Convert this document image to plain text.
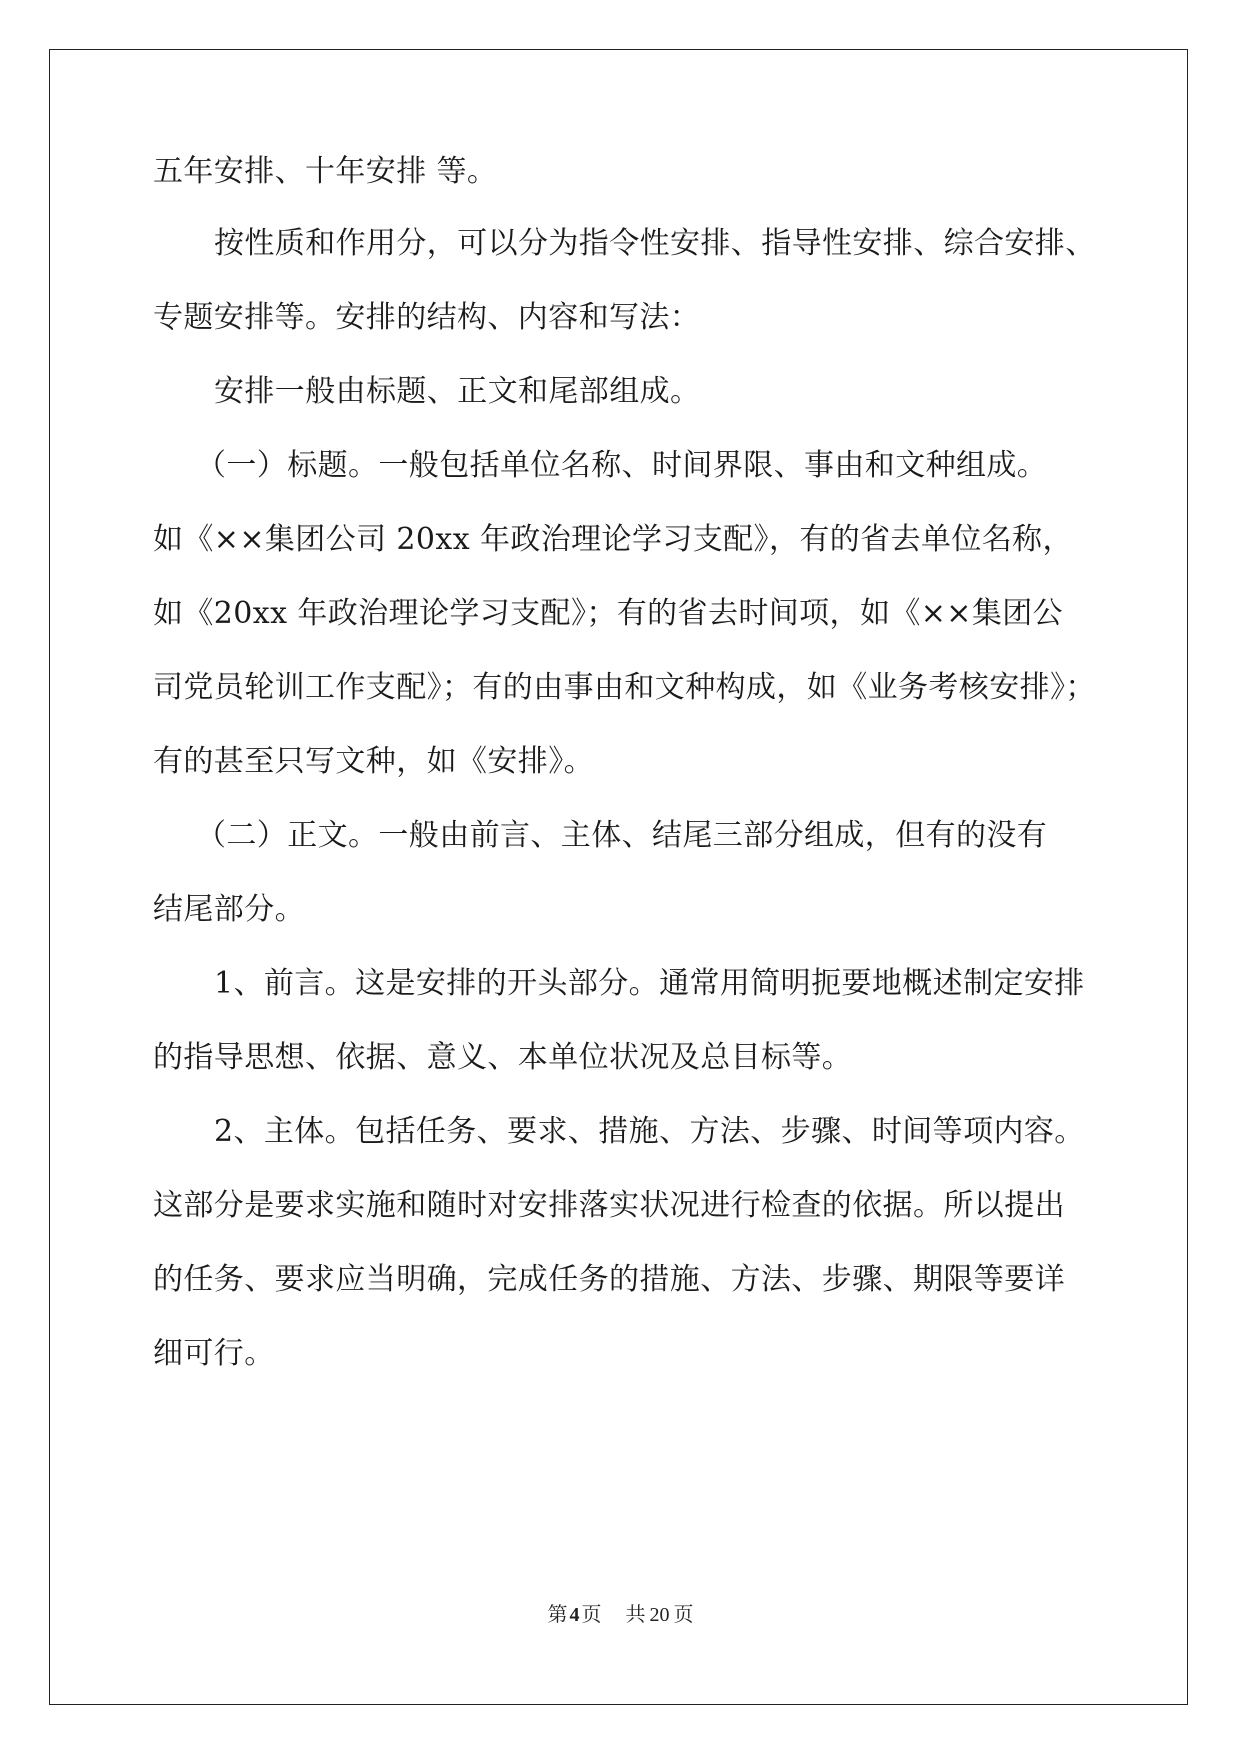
五年安排、十年安排 等。
按性质和作用分，可以分为指令性安排、指导性安排、综合安排、
专题安排等。安排的结构、内容和写法：
安排一般由标题、正文和尾部组成。
（一）标题。一般包括单位名称、时间界限、事由和文种组成。
如《××集团公司 20xx 年政治理论学习支配》，有的省去单位名称，
如《20xx 年政治理论学习支配》；有的省去时间项，如《××集团公
司党员轮训工作支配》；有的由事由和文种构成，如《业务考核安排》；
有的甚至只写文种，如《安排》。
（二）正文。一般由前言、主体、结尾三部分组成，但有的没有
结尾部分。
1、前言。这是安排的开头部分。通常用简明扼要地概述制定安排
的指导思想、依据、意义、本单位状况及总目标等。
2、主体。包括任务、要求、措施、方法、步骤、时间等项内容。
这部分是要求实施和随时对安排落实状况进行检查的依据。所以提出
的任务、要求应当明确，完成任务的措施、方法、步骤、期限等要详
细可行。
第 4 页 共 20 页
